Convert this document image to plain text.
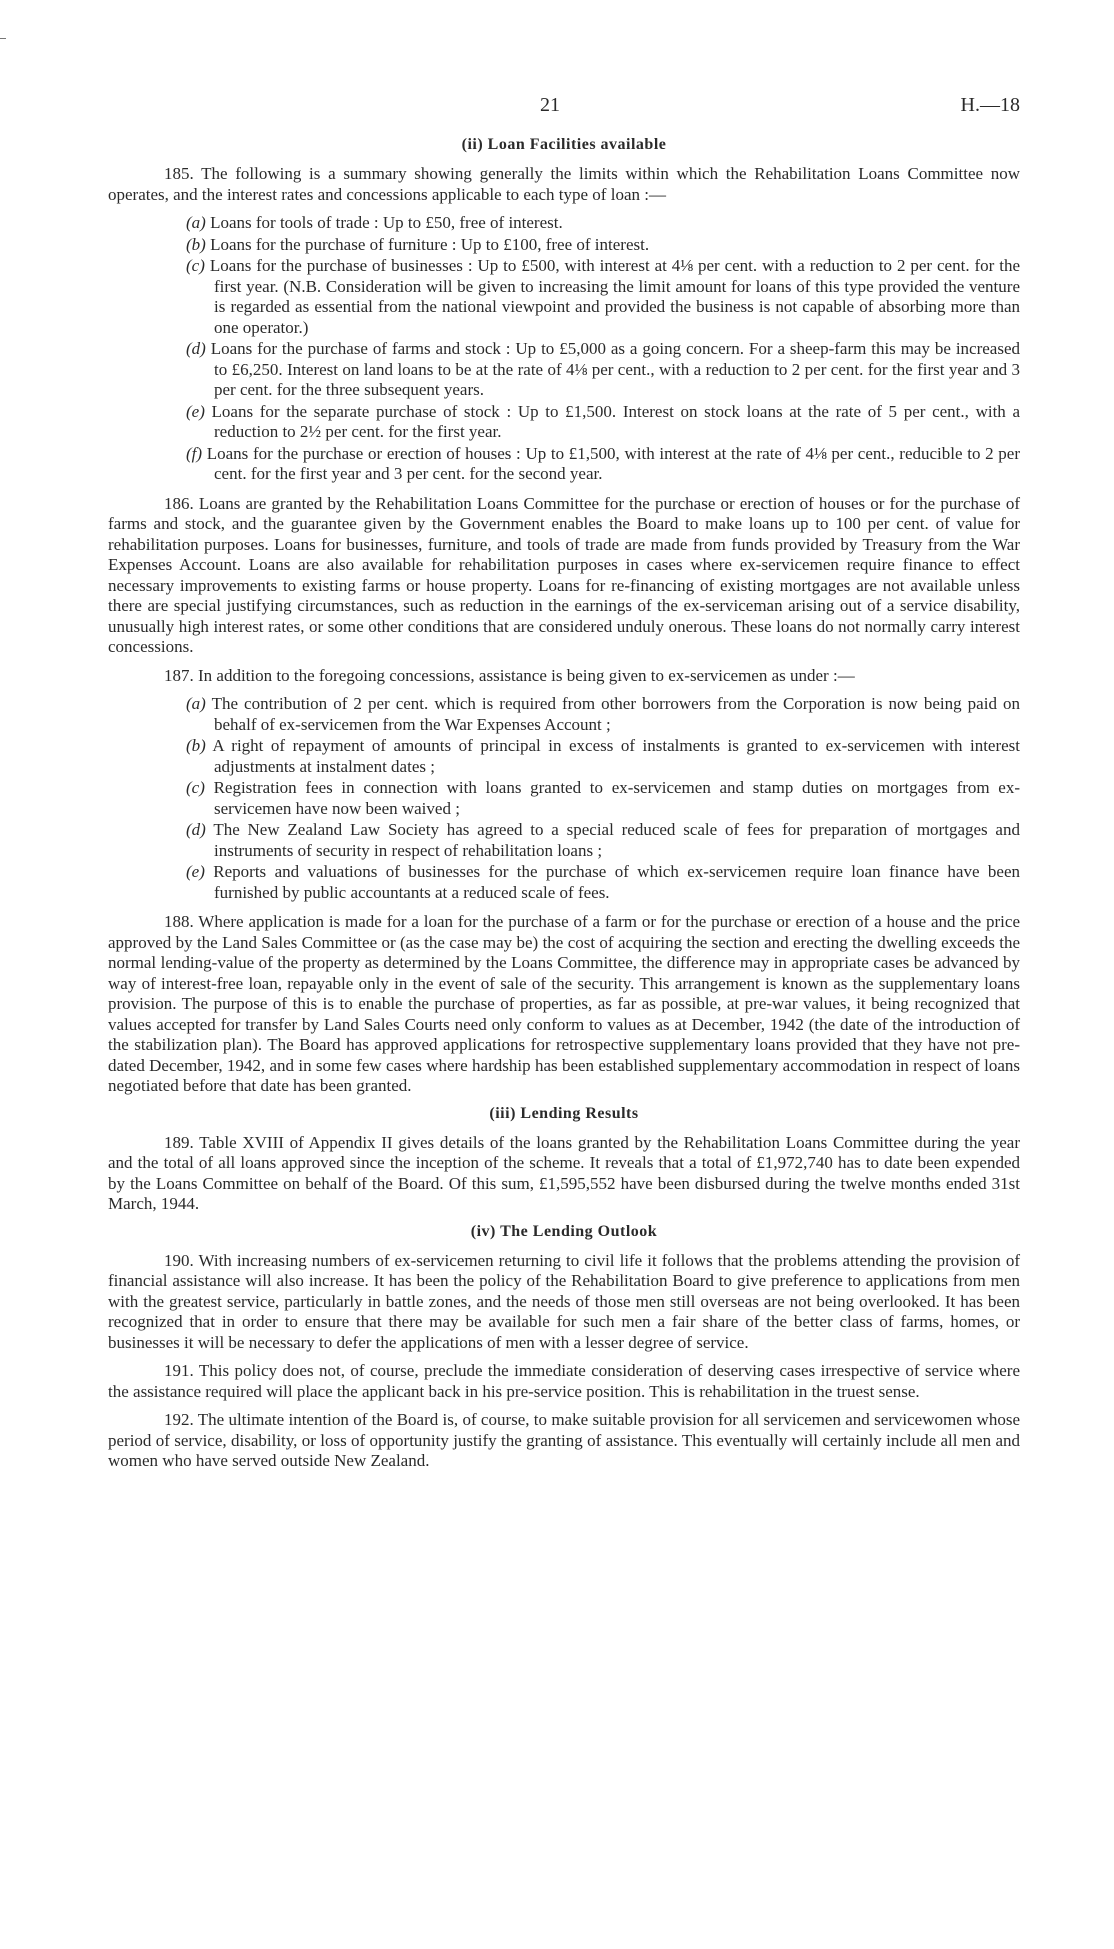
21	H.—18
(ii) Loan Facilities available

185. The following is a summary showing generally the limits within which the Rehabilitation Loans Committee now operates, and the interest rates and concessions applicable to each type of loan :—

(a) Loans for tools of trade : Up to £50, free of interest.
(b) Loans for the purchase of furniture : Up to £100, free of interest.
(c) Loans for the purchase of businesses : Up to £500, with interest at 4⅛ per cent. with a reduction to 2 per cent. for the first year. (N.B. Consideration will be given to increasing the limit amount for loans of this type provided the venture is regarded as essential from the national viewpoint and provided the business is not capable of absorbing more than one operator.)
(d) Loans for the purchase of farms and stock : Up to £5,000 as a going concern. For a sheep-farm this may be increased to £6,250. Interest on land loans to be at the rate of 4⅛ per cent., with a reduction to 2 per cent. for the first year and 3 per cent. for the three subsequent years.
(e) Loans for the separate purchase of stock : Up to £1,500. Interest on stock loans at the rate of 5 per cent., with a reduction to 2½ per cent. for the first year.
(f) Loans for the purchase or erection of houses : Up to £1,500, with interest at the rate of 4⅛ per cent., reducible to 2 per cent. for the first year and 3 per cent. for the second year.

186. Loans are granted by the Rehabilitation Loans Committee for the purchase or erection of houses or for the purchase of farms and stock, and the guarantee given by the Government enables the Board to make loans up to 100 per cent. of value for rehabilitation purposes. Loans for businesses, furniture, and tools of trade are made from funds provided by Treasury from the War Expenses Account. Loans are also available for rehabilitation purposes in cases where ex-servicemen require finance to effect necessary improvements to existing farms or house property. Loans for re-financing of existing mortgages are not available unless there are special justifying circumstances, such as reduction in the earnings of the ex-serviceman arising out of a service disability, unusually high interest rates, or some other conditions that are considered unduly onerous. These loans do not normally carry interest concessions.

187. In addition to the foregoing concessions, assistance is being given to ex-servicemen as under :—

(a) The contribution of 2 per cent. which is required from other borrowers from the Corporation is now being paid on behalf of ex-servicemen from the War Expenses Account ;
(b) A right of repayment of amounts of principal in excess of instalments is granted to ex-servicemen with interest adjustments at instalment dates ;
(c) Registration fees in connection with loans granted to ex-servicemen and stamp duties on mortgages from ex-servicemen have now been waived ;
(d) The New Zealand Law Society has agreed to a special reduced scale of fees for preparation of mortgages and instruments of security in respect of rehabilitation loans ;
(e) Reports and valuations of businesses for the purchase of which ex-servicemen require loan finance have been furnished by public accountants at a reduced scale of fees.

188. Where application is made for a loan for the purchase of a farm or for the purchase or erection of a house and the price approved by the Land Sales Committee or (as the case may be) the cost of acquiring the section and erecting the dwelling exceeds the normal lending-value of the property as determined by the Loans Committee, the difference may in appropriate cases be advanced by way of interest-free loan, repayable only in the event of sale of the security. This arrangement is known as the supplementary loans provision. The purpose of this is to enable the purchase of properties, as far as possible, at pre-war values, it being recognized that values accepted for transfer by Land Sales Courts need only conform to values as at December, 1942 (the date of the introduction of the stabilization plan). The Board has approved applications for retrospective supplementary loans provided that they have not pre-dated December, 1942, and in some few cases where hardship has been established supplementary accommodation in respect of loans negotiated before that date has been granted.

(iii) Lending Results

189. Table XVIII of Appendix II gives details of the loans granted by the Rehabilitation Loans Committee during the year and the total of all loans approved since the inception of the scheme. It reveals that a total of £1,972,740 has to date been expended by the Loans Committee on behalf of the Board. Of this sum, £1,595,552 have been disbursed during the twelve months ended 31st March, 1944.

(iv) The Lending Outlook

190. With increasing numbers of ex-servicemen returning to civil life it follows that the problems attending the provision of financial assistance will also increase. It has been the policy of the Rehabilitation Board to give preference to applications from men with the greatest service, particularly in battle zones, and the needs of those men still overseas are not being overlooked. It has been recognized that in order to ensure that there may be available for such men a fair share of the better class of farms, homes, or businesses it will be necessary to defer the applications of men with a lesser degree of service.

191. This policy does not, of course, preclude the immediate consideration of deserving cases irrespective of service where the assistance required will place the applicant back in his pre-service position. This is rehabilitation in the truest sense.

192. The ultimate intention of the Board is, of course, to make suitable provision for all servicemen and servicewomen whose period of service, disability, or loss of opportunity justify the granting of assistance. This eventually will certainly include all men and women who have served outside New Zealand.
